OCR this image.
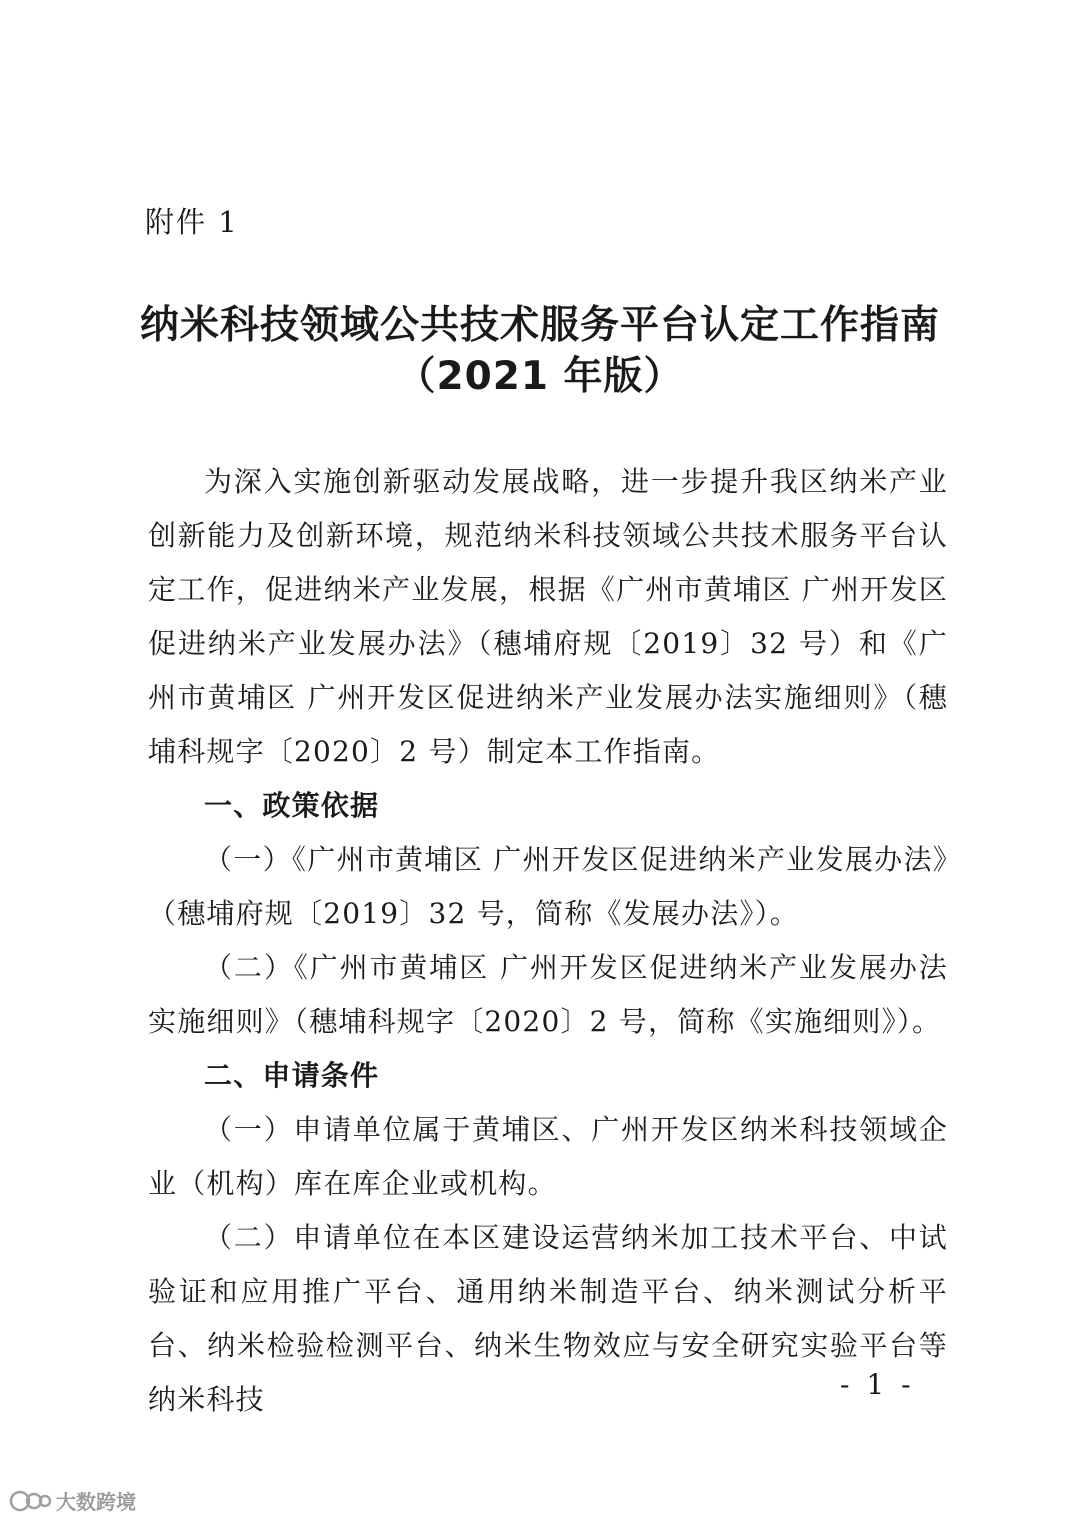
附件 1
纳米科技领域公共技术服务平台认定工作指南
（2021 年版）

为深入实施创新驱动发展战略，进一步提升我区纳米产业创新能力及创新环境，规范纳米科技领域公共技术服务平台认定工作，促进纳米产业发展，根据《广州市黄埔区 广州开发区促进纳米产业发展办法》（穗埔府规〔2019〕32 号）和《广州市黄埔区 广州开发区促进纳米产业发展办法实施细则》（穗埔科规字〔2020〕2 号）制定本工作指南。

一、政策依据

（一）《广州市黄埔区 广州开发区促进纳米产业发展办法》（穗埔府规〔2019〕32 号，简称《发展办法》）。

（二）《广州市黄埔区 广州开发区促进纳米产业发展办法实施细则》（穗埔科规字〔2020〕2 号，简称《实施细则》）。

二、申请条件

（一）申请单位属于黄埔区、广州开发区纳米科技领域企业（机构）库在库企业或机构。

（二）申请单位在本区建设运营纳米加工技术平台、中试验证和应用推广平台、通用纳米制造平台、纳米测试分析平台、纳米检验检测平台、纳米生物效应与安全研究实验平台等纳米科技	- 1 -
大数跨境
